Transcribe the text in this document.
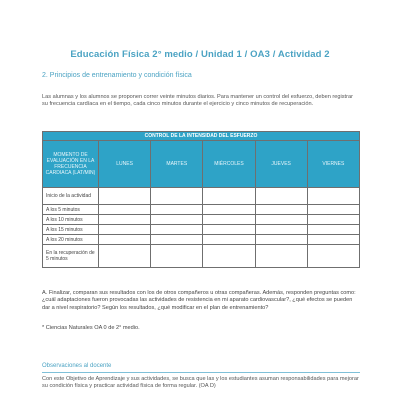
Educación Física 2° medio / Unidad 1 / OA3 / Actividad 2
2. Principios de entrenamiento y condición física
Las alumnas y los alumnos se proponen correr veinte minutos diarios. Para mantener un control del esfuerzo, deben registrar su frecuencia cardíaca en el tiempo, cada cinco minutos durante el ejercicio y cinco minutos de recuperación.
CONTROL DE LA INTENSIDAD DEL ESFUERZO					
MOMENTO DE EVALUACIÓN EN LA FRECUENCIA CARDIACA (LAT/MIN)	LUNES	MARTES	MIÉRCOLES	JUEVES	VIERNES
Inicio de la actividad					
A los 5 minutos					
A los 10 minutos					
A los 15 minutos					
A los 20 minutos					
En la recuperación de 5 minutos					
A. Finalizar, comparan sus resultados con los de otros compañeros u otras compañeras. Además, responden preguntas como: ¿cuál adaptaciones fueron provocadas las actividades de resistencia en mi aparato cardiovascular?, ¿qué efectos se pueden dar a nivel respiratorio? Según los resultados, ¿qué modificar en el plan de entrenamiento?
* Ciencias Naturales OA 0 de 2° medio.
Observaciones al docente
Con este Objetivo de Aprendizaje y sus actividades, se busca que las y los estudiantes asuman responsabilidades para mejorar su condición física y practicar actividad física de forma regular. (OA D)
